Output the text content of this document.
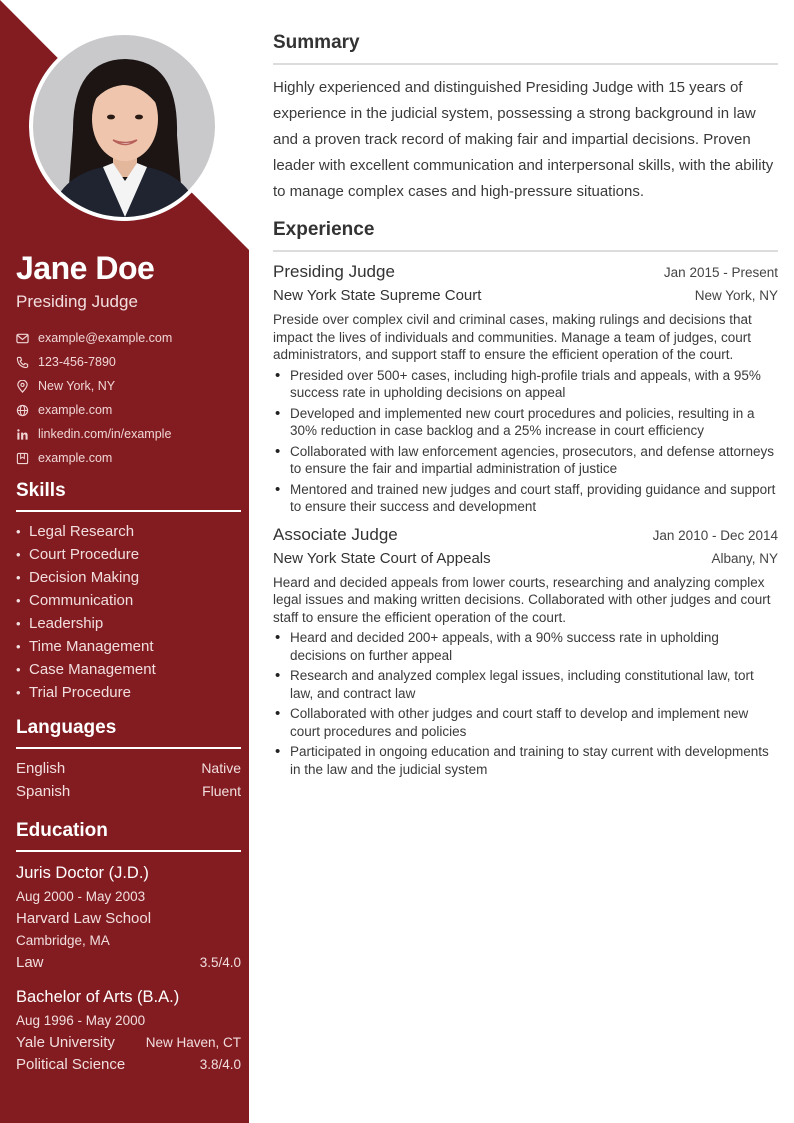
Jane Doe
Presiding Judge
example@example.com
123-456-7890
New York, NY
example.com
linkedin.com/in/example
example.com
Skills
• Legal Research
• Court Procedure
• Decision Making
• Communication
• Leadership
• Time Management
• Case Management
• Trial Procedure
Languages
English	Native
Spanish	Fluent
Education
Juris Doctor (J.D.)
Aug 2000 - May 2003
Harvard Law School
Cambridge, MA
Law	3.5/4.0
Bachelor of Arts (B.A.)
Aug 1996 - May 2000
Yale University New Haven, CT
Political Science	3.8/4.0
Summary

Highly experienced and distinguished Presiding Judge with 15 years of experience in the judicial system, possessing a strong background in law and a proven track record of making fair and impartial decisions. Proven leader with excellent communication and interpersonal skills, with the ability to manage complex cases and high-pressure situations.

Experience
Presiding Judge	Jan 2015 - Present
New York State Supreme Court	New York, NY

Preside over complex civil and criminal cases, making rulings and decisions that impact the lives of individuals and communities. Manage a team of judges, court administrators, and support staff to ensure the efficient operation of the court.

• Presided over 500+ cases, including high-profile trials and appeals, with a 95% success rate in upholding decisions on appeal
• Developed and implemented new court procedures and policies, resulting in a 30% reduction in case backlog and a 25% increase in court efficiency
• Collaborated with law enforcement agencies, prosecutors, and defense attorneys to ensure the fair and impartial administration of justice
• Mentored and trained new judges and court staff, providing guidance and support to ensure their success and development
Associate Judge	Jan 2010 - Dec 2014
New York State Court of Appeals	Albany, NY

Heard and decided appeals from lower courts, researching and analyzing complex legal issues and making written decisions. Collaborated with other judges and court staff to ensure the efficient operation of the court.

• Heard and decided 200+ appeals, with a 90% success rate in upholding decisions on further appeal
• Research and analyzed complex legal issues, including constitutional law, tort law, and contract law
• Collaborated with other judges and court staff to develop and implement new court procedures and policies
• Participated in ongoing education and training to stay current with developments in the law and the judicial system
